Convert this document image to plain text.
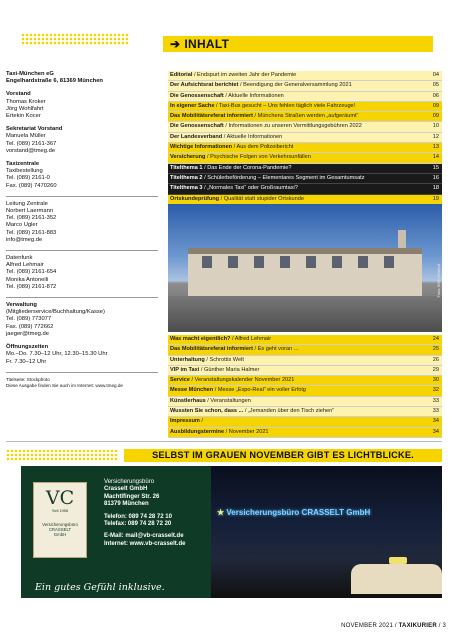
➔ INHALT
Taxi-München eG
Engelhardstraße 6, 81369 München
Vorstand
Thomas Kroker
Jörg Wohlfahrt
Ertekin Kocer
Sekretariat Vorstand
Manuela Müller
Tel. (089) 2161-367
vorstand@tmeg.de
Taxizentrale
Taxibestellung
Tel. (089) 2161-0
Fax. (089) 7470260
Leitung Zentrale
Norbert Laermann
Tel. (089) 2161-352
Marco Ugler
Tel. (089) 2161-883
info@tmeg.de
Datenfunk
Alfred Lehmair
Tel. (089) 2161-654
Monika Antonelli
Tel. (089) 2161-872
Verwaltung
(Mitgliederservice/Buchhaltung/Kasse)
Tel. (089) 773077
Fax. (089) 772662
jaeger@tmeg.de
Öffnungszeiten
Mo.–Do. 7.30–12 Uhr, 12.30–15.30 Uhr
Fr. 7.30–12 Uhr
Titelseite: Stockphoto
Diese Ausgabe finden Sie auch im Internet: www.tmeg.de
Editorial / Endspurt im zweiten Jahr der Pandemie	04
Der Aufsichtsrat berichtet / Beendigung der Generalversammlung 2021	05
Die Genossenschaft / Aktuelle Informationen	06
In eigener Sache / Taxi-Bus gesucht – Uns fehlen täglich viele Fahrzeuge!	09
Das Mobilitätsreferat informiert / Münchens Straßen werden „aufgeräumt“	09
Die Genossenschaft / Informationen zu unseren Vermittlungsgebühren 2022	10
Der Landesverband / Aktuelle Informationen	12
Wichtige Informationen / Aus dem Polizeibericht	13
Versicherung / Psychische Folgen von Verkehrsunfällen	14
Titelthema 1 / Das Ende der Corona-Pandemie?	15
Titelthema 2 / Schülerbeförderung – Elementares Segment im Gesamtumsatz	16
Titelthema 3 / „Normales Taxi“ oder Großraumtaxi?	18
Ortskundeprüfung / Qualität statt stupider Ortskunde	19
Fotos: MVG / Kirchhof
Was macht eigentlich? / Alfred Lehmair	24
Das Mobilitätsreferat informiert / Es geht voran ...	25
Unterhaltung / Schrottis Welt	26
VIP im Taxi / Günther Maria Halmer	29
Service / Veranstaltungskalender November 2021	30
Messe München / Messe „Expo-Real“ ein voller Erfolg	32
Künstlerhaus / Veranstaltungen	33
Wussten Sie schon, dass ... / „Jemanden über den Tisch ziehen“	33
Impressum /	34
Ausbildungstermine / November 2021	34
SELBST IM GRAUEN NOVEMBER GIBT ES LICHTBLICKE.
VC
Seit 1958
Versicherungsbüro
CRASSELT
GmbH
Versicherungsbüro
Crasselt GmbH
Machtlfinger Str. 26
81379 München
Telefon: 089 74 28 72 10
Telefax: 089 74 28 72 20
E-Mail: mail@vb-crasselt.de
Internet: www.vb-crasselt.de
Ein gutes Gefühl inklusive.
★ Versicherungsbüro CRASSELT GmbH
NOVEMBER 2021 / TAXIKURIER / 3
